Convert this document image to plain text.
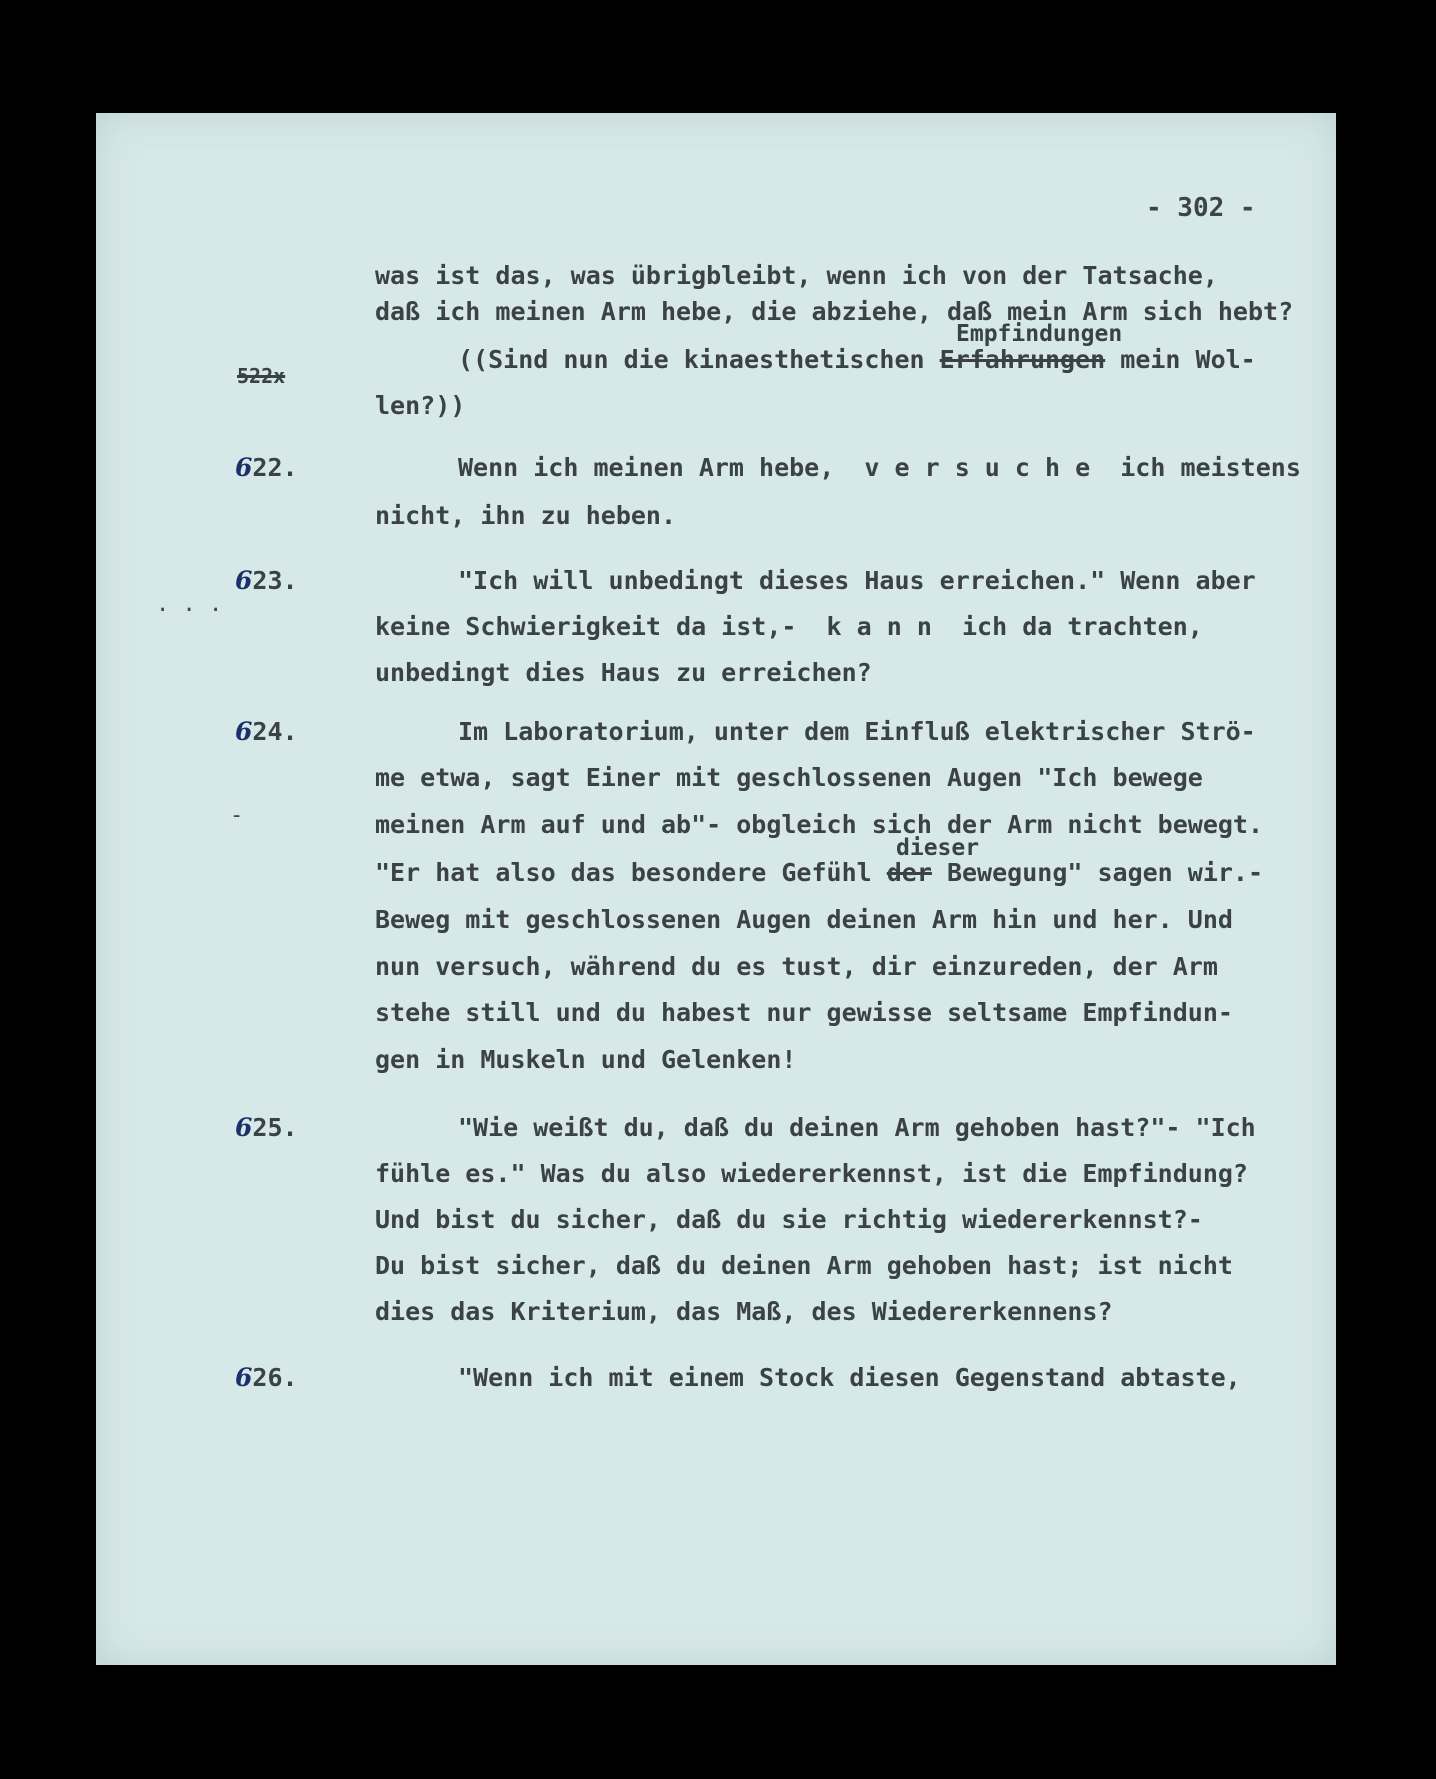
- 302 -

was ist das, was übrigbleibt, wenn ich von der Tatsache,

daß ich meinen Arm hebe, die abziehe, daß mein Arm sich hebt?

Empfindungen

((Sind nun die kinaesthetischen Erfahrungen mein Wol-

522x

len?))

622.	Wenn ich meinen Arm hebe,  v e r s u c h e  ich meistens

nicht, ihn zu heben.

623.	"Ich will unbedingt dieses Haus erreichen." Wenn aber

keine Schwierigkeit da ist,-  k a n n  ich da trachten,

unbedingt dies Haus zu erreichen?

· · ·
624.	Im Laboratorium, unter dem Einfluß elektrischer Strö-

me etwa, sagt Einer mit geschlossenen Augen "Ich bewege

-	meinen Arm auf und ab"- obgleich sich der Arm nicht bewegt.

dieser

"Er hat also das besondere Gefühl der Bewegung" sagen wir.-

Beweg mit geschlossenen Augen deinen Arm hin und her. Und

nun versuch, während du es tust, dir einzureden, der Arm

stehe still und du habest nur gewisse seltsame Empfindun-

gen in Muskeln und Gelenken!

625.	"Wie weißt du, daß du deinen Arm gehoben hast?"- "Ich

fühle es." Was du also wiedererkennst, ist die Empfindung?

Und bist du sicher, daß du sie richtig wiedererkennst?-

Du bist sicher, daß du deinen Arm gehoben hast; ist nicht

dies das Kriterium, das Maß, des Wiedererkennens?

626.	"Wenn ich mit einem Stock diesen Gegenstand abtaste,
